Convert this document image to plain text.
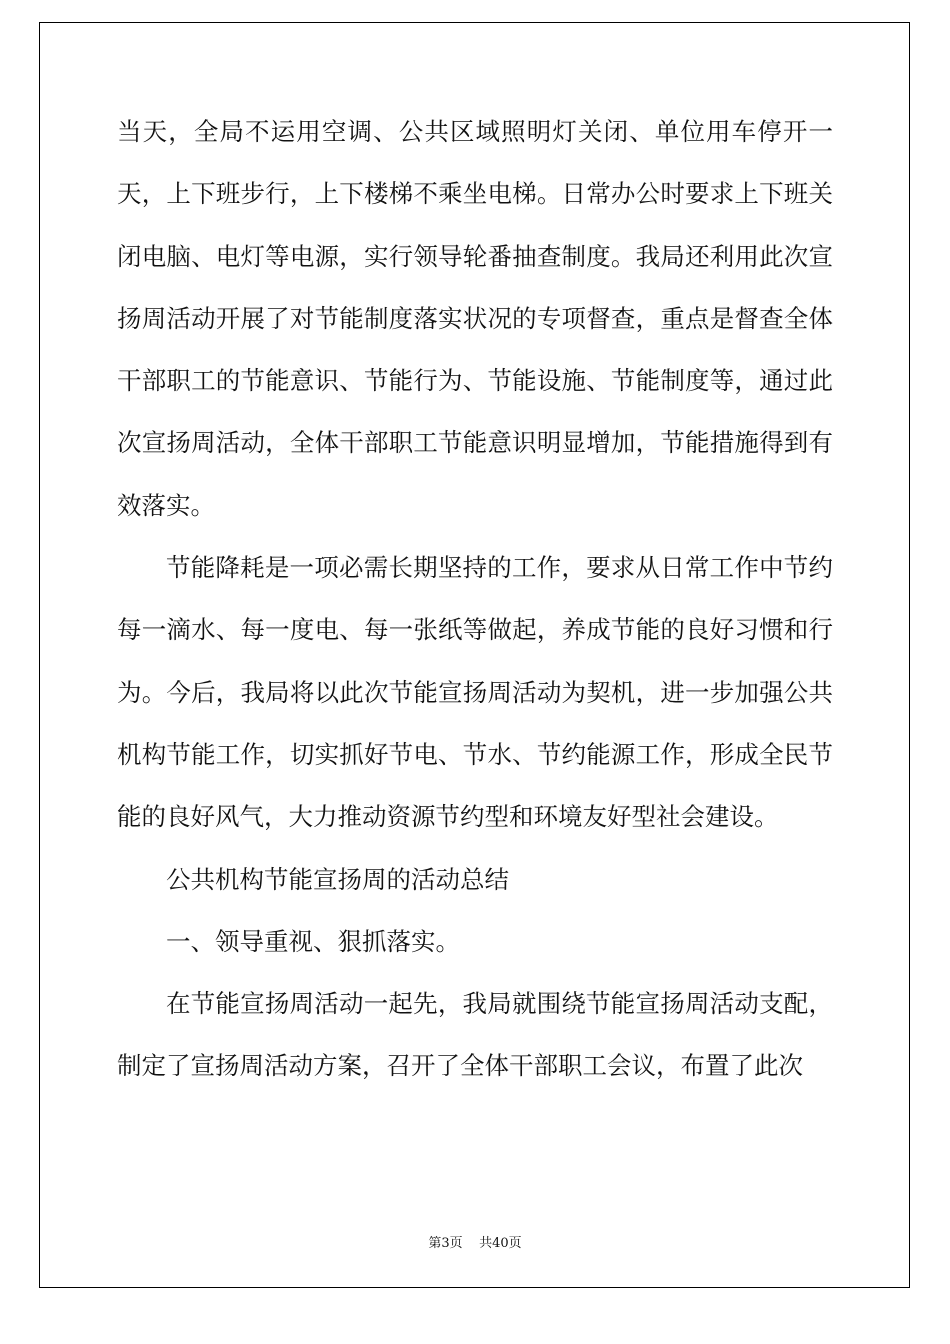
当天，全局不运用空调、公共区域照明灯关闭、单位用车停开一天，上下班步行，上下楼梯不乘坐电梯。日常办公时要求上下班关闭电脑、电灯等电源，实行领导轮番抽查制度。我局还利用此次宣扬周活动开展了对节能制度落实状况的专项督查，重点是督查全体干部职工的节能意识、节能行为、节能设施、节能制度等，通过此次宣扬周活动，全体干部职工节能意识明显增加，节能措施得到有效落实。

节能降耗是一项必需长期坚持的工作，要求从日常工作中节约每一滴水、每一度电、每一张纸等做起，养成节能的良好习惯和行为。今后，我局将以此次节能宣扬周活动为契机，进一步加强公共机构节能工作，切实抓好节电、节水、节约能源工作，形成全民节能的良好风气，大力推动资源节约型和环境友好型社会建设。

公共机构节能宣扬周的活动总结

一、领导重视、狠抓落实。

在节能宣扬周活动一起先，我局就围绕节能宣扬周活动支配，制定了宣扬周活动方案，召开了全体干部职工会议，布置了此次

第3页 共40页
